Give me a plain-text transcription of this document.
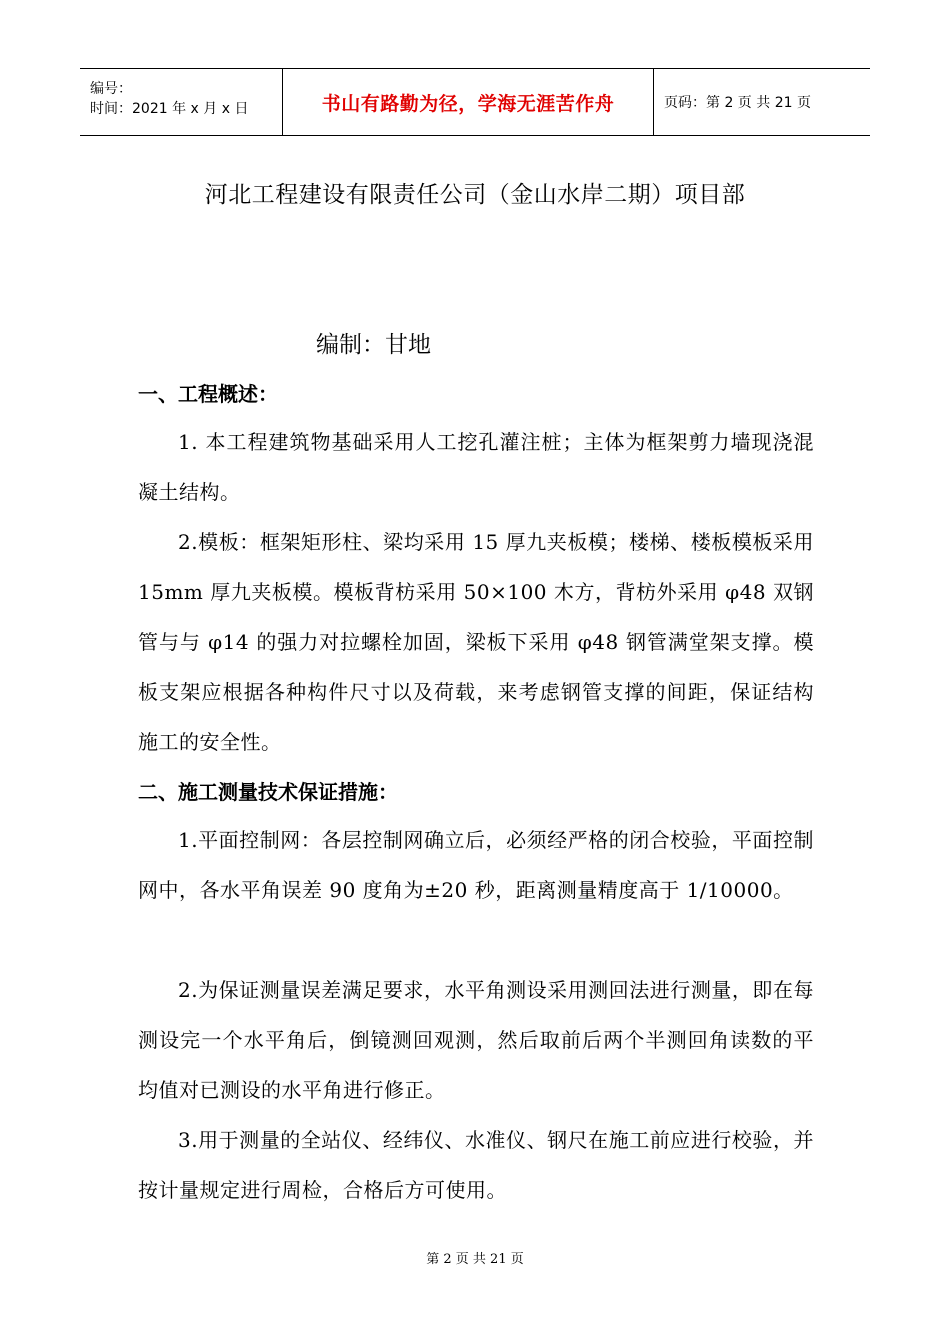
编号：
时间：2021 年 x 月 x 日	书山有路勤为径，学海无涯苦作舟	页码：第 2 页 共 21 页
河北工程建设有限责任公司（金山水岸二期）项目部
编制：甘地
一、工程概述：
1. 本工程建筑物基础采用人工挖孔灌注桩；主体为框架剪力墙现浇混凝土结构。
2.模板：框架矩形柱、梁均采用 15 厚九夹板模；楼梯、楼板模板采用 15mm 厚九夹板模。模板背枋采用 50×100 木方，背枋外采用 φ48 双钢管与与 φ14 的强力对拉螺栓加固，梁板下采用 φ48 钢管满堂架支撑。模板支架应根据各种构件尺寸以及荷载，来考虑钢管支撑的间距，保证结构施工的安全性。
二、施工测量技术保证措施：
1.平面控制网：各层控制网确立后，必须经严格的闭合校验，平面控制网中，各水平角误差 90 度角为±20 秒，距离测量精度高于 1/10000。
2.为保证测量误差满足要求，水平角测设采用测回法进行测量，即在每测设完一个水平角后，倒镜测回观测，然后取前后两个半测回角读数的平均值对已测设的水平角进行修正。
3.用于测量的全站仪、经纬仪、水准仪、钢尺在施工前应进行校验，并按计量规定进行周检，合格后方可使用。
第 2 页 共 21 页
